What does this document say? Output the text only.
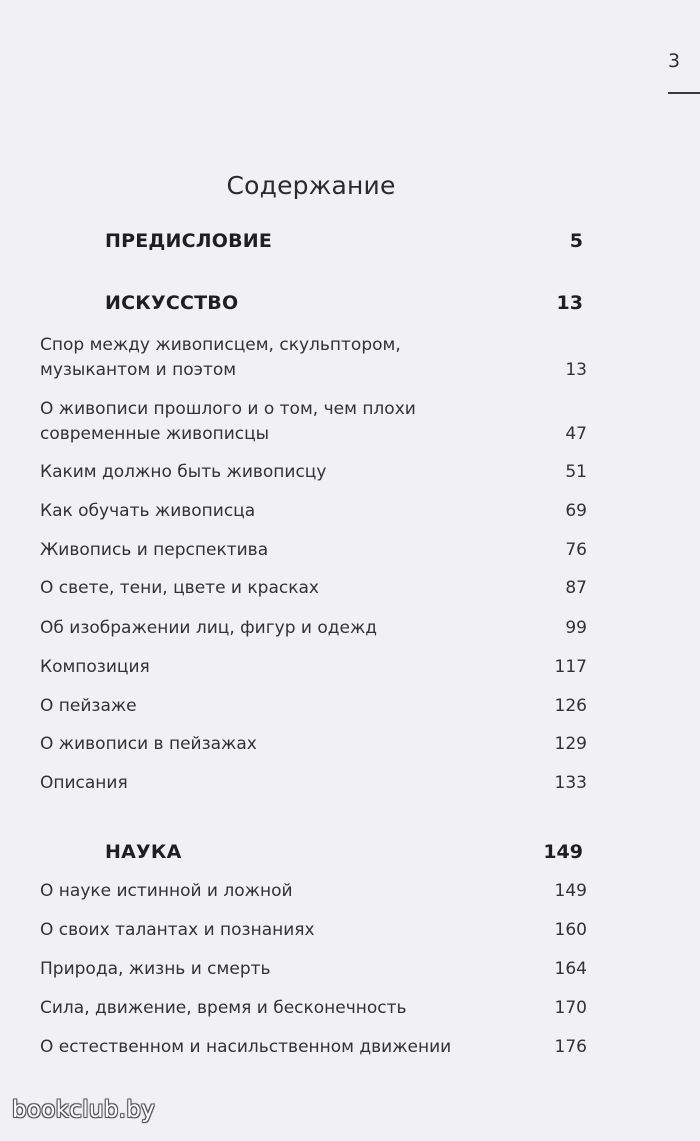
3
Содержание
ПРЕДИСЛОВИЕ	5
ИСКУССТВО	13
Спор между живописцем, скульптором, музыкантом и поэтом	13
О живописи прошлого и о том, чем плохи современные живописцы	47
Каким должно быть живописцу	51
Как обучать живописца	69
Живопись и перспектива	76
О свете, тени, цвете и красках	87
Об изображении лиц, фигур и одежд	99
Композиция	117
О пейзаже	126
О живописи в пейзажах	129
Описания	133
НАУКА	149
О науке истинной и ложной	149
О своих талантах и познаниях	160
Природа, жизнь и смерть	164
Сила, движение, время и бесконечность	170
О естественном и насильственном движении	176
bookclub.by
